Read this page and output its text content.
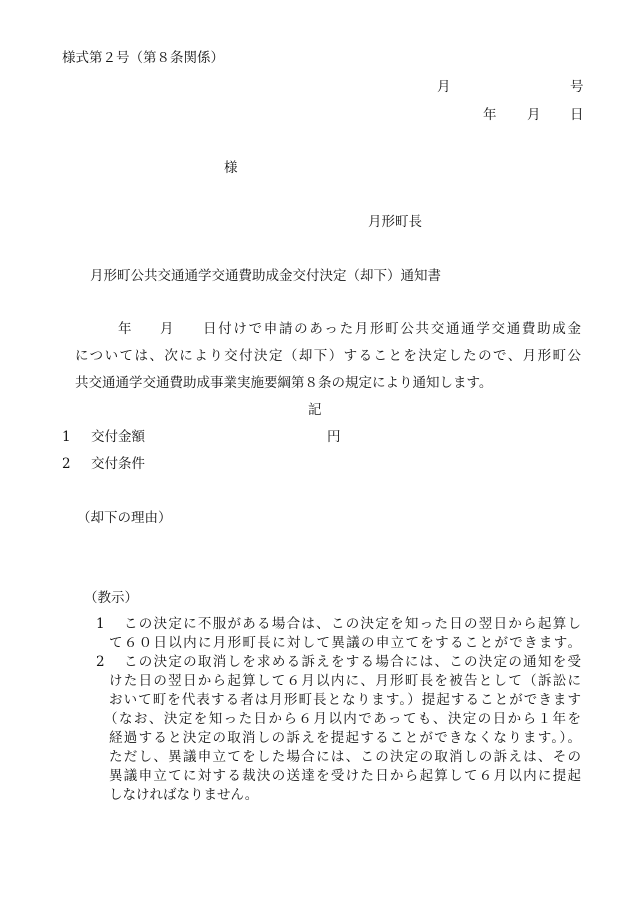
様式第２号（第８条関係）
月	号
年 月 日
様
月形町長
月形町公共交通通学交通費助成金交付決定（却下）通知書
年 月 日付けで申請のあった月形町公共交通通学交通費助成金
については、次により交付決定（却下）することを決定したので、月形町公
共交通通学交通費助成事業実施要綱第８条の規定により通知します。
記
1 交付金額	円
2 交付条件
（却下の理由）
（教示）
1 この決定に不服がある場合は、この決定を知った日の翌日から起算し
て６０日以内に月形町長に対して異議の申立てをすることができます。
2 この決定の取消しを求める訴えをする場合には、この決定の通知を受
けた日の翌日から起算して６月以内に、月形町長を被告として（訴訟に
おいて町を代表する者は月形町長となります。）提起することができます
（なお、決定を知った日から６月以内であっても、決定の日から１年を
経過すると決定の取消しの訴えを提起することができなくなります。）。
ただし、異議申立てをした場合には、この決定の取消しの訴えは、その
異議申立てに対する裁決の送達を受けた日から起算して６月以内に提起
しなければなりません。
